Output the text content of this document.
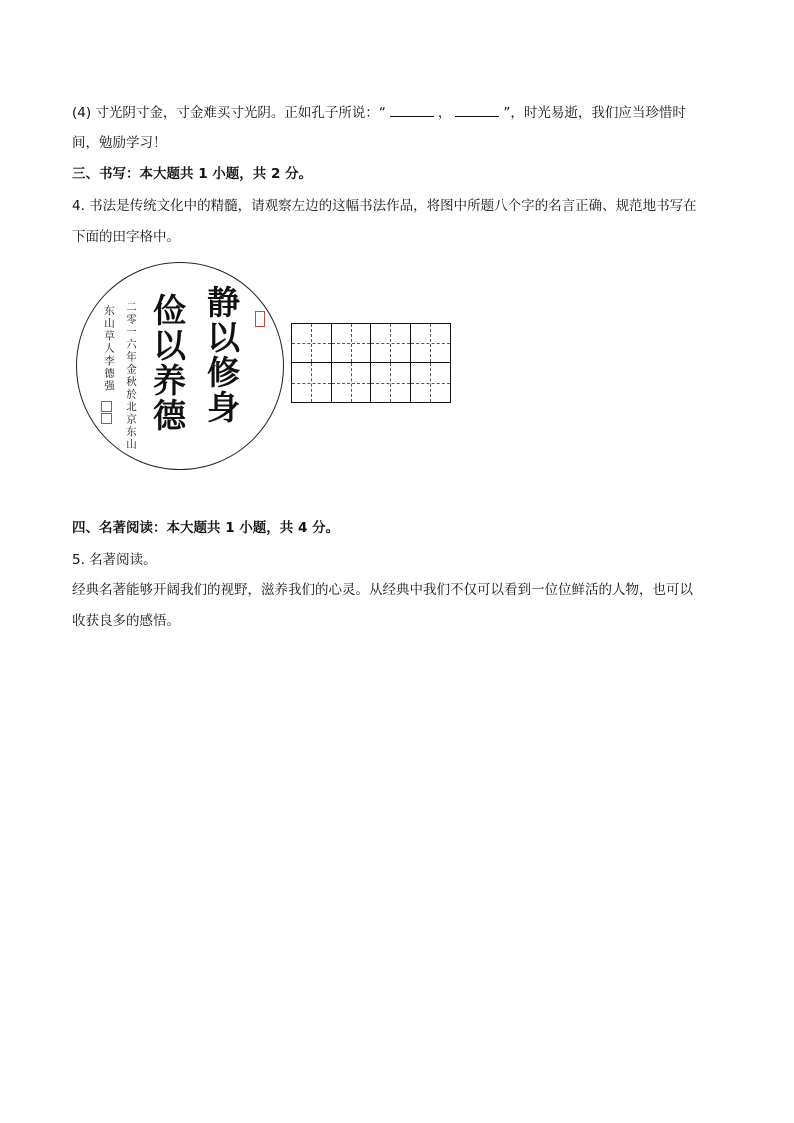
(4) 寸光阴寸金，寸金难买寸光阴。正如孔子所说：“	，	”，时光易逝，我们应当珍惜时
间，勉励学习！
三、书写：本大题共 1 小题，共 2 分。
4. 书法是传统文化中的精髓，请观察左边的这幅书法作品，将图中所题八个字的名言正确、规范地书写在
下面的田字格中。
静以修身
俭以养德
二零一六年金秋於北京东山
东山草人李德强
四、名著阅读：本大题共 1 小题，共 4 分。
5. 名著阅读。
经典名著能够开阔我们的视野，滋养我们的心灵。从经典中我们不仅可以看到一位位鲜活的人物，也可以
收获良多的感悟。
